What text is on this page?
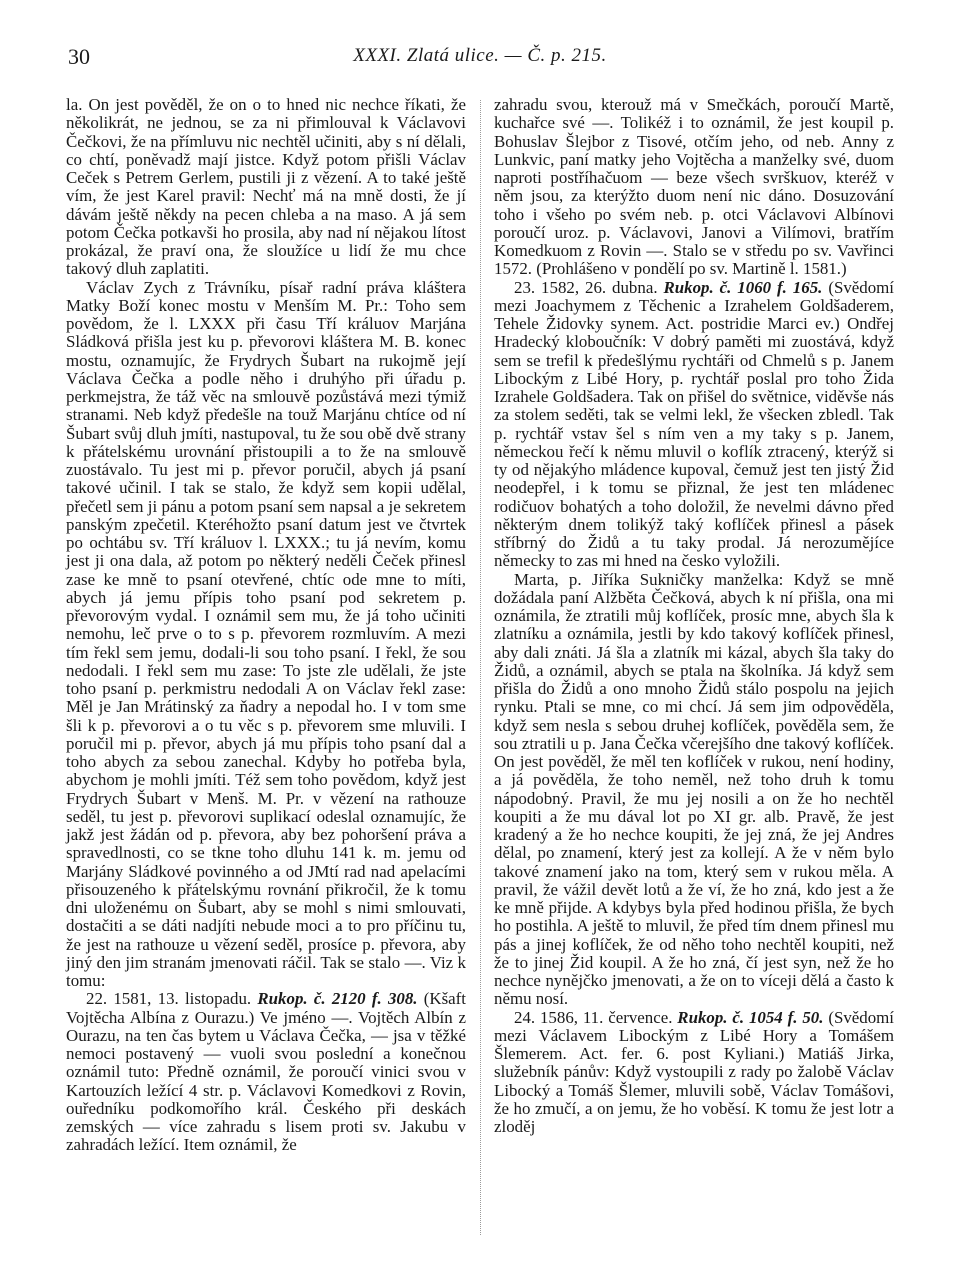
30	XXXI. Zlatá ulice. — Č. p. 215.

la. On jest pověděl, že on o to hned nic nechce říkati, že několikrát, ne jednou, se za ni přimlouval k Václavovi Čečkovi, že na přímluvu nic nechtěl učiniti, aby s ní dělali, co chtí, poněvadž mají jistce. Když potom přišli Václav Ceček s Petrem Gerlem, pustili ji z vězení. A to také ještě vím, že jest Karel pravil: Nechť má na mně dosti, že jí dávám ještě někdy na pecen chleba a na maso. A já sem potom Čečka potkavši ho prosila, aby nad ní nějakou lítost prokázal, že praví ona, že sloužíce u lidí že mu chce takový dluh zaplatiti.

Václav Zych z Trávníku, písař radní práva kláštera Matky Boží konec mostu v Menším M. Pr.: Toho sem povědom, že l. LXXX při času Tří králuov Marjána Sládková přišla jest ku p. převorovi kláštera M. B. konec mostu, oznamujíc, že Frydrych Šubart na rukojmě její Václava Čečka a podle něho i druhýho při úřadu p. perkmejstra, že táž věc na smlouvě pozůstává mezi týmiž stranami. Neb když předešle na touž Marjánu chtíce od ní Šubart svůj dluh jmíti, nastupoval, tu že sou obě dvě strany k přátelskému urovnání přistoupili a to že na smlouvě zuostávalo. Tu jest mi p. převor poručil, abych já psaní takové učinil. I tak se stalo, že když sem kopii udělal, přečetl sem ji pánu a potom psaní sem napsal a je sekretem panským zpečetil. Kteréhožto psaní datum jest ve čtvrtek po ochtábu sv. Tří králuov l. LXXX.; tu já nevím, komu jest ji ona dala, až potom po některý neděli Čeček přinesl zase ke mně to psaní otevřené, chtíc ode mne to míti, abych já jemu přípis toho psaní pod sekretem p. převorovým vydal. I oznámil sem mu, že já toho učiniti nemohu, leč prve o to s p. převorem rozmluvím. A mezi tím řekl sem jemu, dodali-li sou toho psaní. I řekl, že sou nedodali. I řekl sem mu zase: To jste zle udělali, že jste toho psaní p. perkmistru nedodali A on Václav řekl zase: Měl je Jan Mrátinský za ňadry a nepodal ho. I v tom sme šli k p. převorovi a o tu věc s p. převorem sme mluvili. I poručil mi p. převor, abych já mu přípis toho psaní dal a toho abych za sebou zanechal. Kdyby ho potřeba byla, abychom je mohli jmíti. Též sem toho povědom, když jest Frydrych Šubart v Menš. M. Pr. v vězení na rathouze seděl, tu jest p. převorovi suplikací odeslal oznamujíc, že jakž jest žádán od p. převora, aby bez pohoršení práva a spravedlnosti, co se tkne toho dluhu 141 k. m. jemu od Marjány Sládkové povinného a od JMtí rad nad apelacími přisouzeného k přátelskýmu rovnání přikročil, že k tomu dni uloženému on Šubart, aby se mohl s nimi smlouvati, dostačiti a se dáti nadjíti nebude moci a to pro příčinu tu, že jest na rathouze u vězení seděl, prosíce p. převora, aby jiný den jim stranám jmenovati ráčil. Tak se stalo —. Viz k tomu:

22. 1581, 13. listopadu. Rukop. č. 2120 f. 308. (Kšaft Vojtěcha Albína z Ourazu.) Ve jméno —. Vojtěch Albín z Ourazu, na ten čas bytem u Václava Čečka, — jsa v těžké nemoci postavený — vuoli svou poslední a konečnou oznámil tuto: Předně oznámil, že poroučí vinici svou v Kartouzích ležící 4 str. p. Václavovi Komedkovi z Rovin, ouředníku podkomořího král. Českého při deskách zemských — více zahradu s lisem proti sv. Jakubu v zahradách ležící. Item oznámil, že

zahradu svou, kterouž má v Smečkách, poroučí Martě, kuchařce své —. Tolikéž i to oznámil, že jest koupil p. Bohuslav Šlejbor z Tisové, otčím jeho, od neb. Anny z Lunkvic, paní matky jeho Vojtěcha a manželky své, duom naproti postříhačuom — beze všech svrškuov, kteréž v něm jsou, za kterýžto duom není nic dáno. Dosuzování toho i všeho po svém neb. p. otci Václavovi Albínovi poroučí uroz. p. Václavovi, Janovi a Vilímovi, bratřím Komedkuom z Rovin —. Stalo se v středu po sv. Vavřinci 1572. (Prohlášeno v pondělí po sv. Martině l. 1581.)

23. 1582, 26. dubna. Rukop. č. 1060 f. 165. (Svědomí mezi Joachymem z Těchenic a Izrahelem Goldšaderem, Tehele Židovky synem. Act. postridie Marci ev.) Ondřej Hradecký kloboučník: V dobrý paměti mi zuostává, když sem se trefil k předešlýmu rychtáři od Chmelů s p. Janem Libockým z Libé Hory, p. rychtář poslal pro toho Žida Izrahele Goldšadera. Tak on přišel do světnice, viděvše nás za stolem seděti, tak se velmi lekl, že všecken zbledl. Tak p. rychtář vstav šel s ním ven a my taky s p. Janem, německou řečí k němu mluvil o koflík ztracený, kterýž si ty od nějakýho mládence kupoval, čemuž jest ten jistý Žid neodepřel, i k tomu se přiznal, že jest ten mládenec rodičuov bohatých a toho doložil, že nevelmi dávno před některým dnem tolikýž taký koflíček přinesl a pásek stříbrný do Židů a tu taky prodal. Já nerozumějíce německy to zas mi hned na česko vyložili.

Marta, p. Jiříka Sukničky manželka: Když se mně dožádala paní Alžběta Čečková, abych k ní přišla, ona mi oznámila, že ztratili můj koflíček, prosíc mne, abych šla k zlatníku a oznámila, jestli by kdo takový koflíček přinesl, aby dali znáti. Já šla a zlatník mi kázal, abych šla taky do Židů, a oznámil, abych se ptala na školníka. Já když sem přišla do Židů a ono mnoho Židů stálo pospolu na jejich rynku. Ptali se mne, co mi chcí. Já sem jim odpověděla, když sem nesla s sebou druhej koflíček, pověděla sem, že sou ztratili u p. Jana Čečka včerejšího dne takový koflíček. On jest pověděl, že měl ten koflíček v rukou, není hodiny, a já pověděla, že toho neměl, než toho druh k tomu nápodobný. Pravil, že mu jej nosili a on že ho nechtěl koupiti a že mu dával lot po XI gr. alb. Pravě, že jest kradený a že ho nechce koupiti, že jej zná, že jej Andres dělal, po znamení, který jest za kollejí. A že v něm bylo takové znamení jako na tom, který sem v rukou měla. A pravil, že vážil devět lotů a že ví, že ho zná, kdo jest a že ke mně přijde. A kdybys byla před hodinou přišla, že bych ho postihla. A ještě to mluvil, že před tím dnem přinesl mu pás a jinej koflíček, že od něho toho nechtěl koupiti, než že to jinej Žid koupil. A že ho zná, čí jest syn, než že ho nechce nynějčko jmenovati, a že on to víceji dělá a často k němu nosí.

24. 1586, 11. července. Rukop. č. 1054 f. 50. (Svědomí mezi Václavem Libockým z Libé Hory a Tomášem Šlemerem. Act. fer. 6. post Kyliani.) Matiáš Jirka, služebník pánův: Když vystoupili z rady po žalobě Václav Libocký a Tomáš Šlemer, mluvili sobě, Václav Tomášovi, že ho zmučí, a on jemu, že ho voběsí. K tomu že jest lotr a zloděj
